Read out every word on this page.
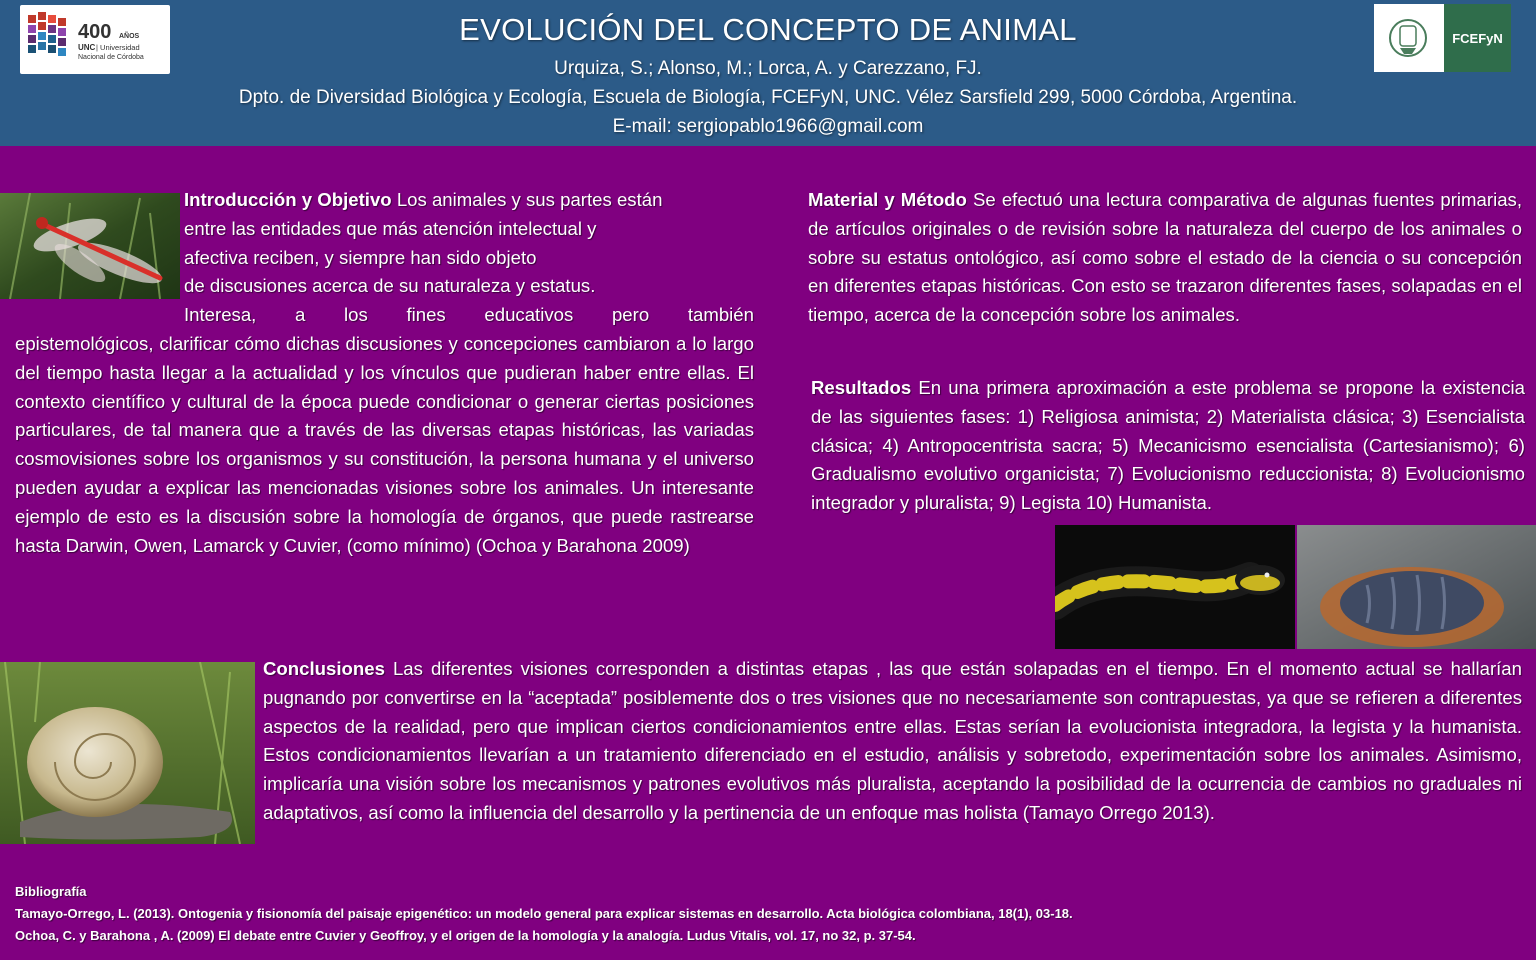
400 AÑOS
UNC | Universidad
Nacional de Córdoba
EVOLUCIÓN DEL CONCEPTO DE ANIMAL
Urquiza, S.; Alonso, M.; Lorca, A. y Carezzano, FJ.
Dpto. de Diversidad Biológica y Ecología, Escuela de Biología, FCEFyN, UNC. Vélez Sarsfield 299, 5000 Córdoba, Argentina.
E-mail: sergiopablo1966@gmail.com
FCEFyN
Introducción y Objetivo Los animales y sus partes están
entre las entidades que más atención intelectual y
afectiva reciben, y siempre han sido objeto
de discusiones acerca de su naturaleza y estatus.
Interesa, a los fines educativos pero también
epistemológicos, clarificar cómo dichas discusiones y concepciones cambiaron a lo largo del tiempo hasta llegar a la actualidad y los vínculos que pudieran haber entre ellas. El contexto científico y cultural de la época puede condicionar o generar ciertas posiciones particulares, de tal manera que a través de las diversas etapas históricas, las variadas cosmovisiones sobre los organismos y su constitución, la persona humana y el universo pueden ayudar a explicar las mencionadas visiones sobre los animales. Un interesante ejemplo de esto es la discusión sobre la homología de órganos, que puede rastrearse hasta Darwin, Owen, Lamarck y Cuvier, (como mínimo) (Ochoa y Barahona 2009)
Material y Método Se efectuó una lectura comparativa de algunas fuentes primarias, de artículos originales o de revisión sobre la naturaleza del cuerpo de los animales o sobre su estatus ontológico, así como sobre el estado de la ciencia o su concepción en diferentes etapas históricas. Con esto se trazaron diferentes fases, solapadas en el tiempo, acerca de la concepción sobre los animales.
Resultados En una primera aproximación a este problema se propone la existencia de las siguientes fases: 1) Religiosa animista; 2) Materialista clásica; 3) Esencialista clásica; 4) Antropocentrista sacra; 5) Mecanicismo esencialista (Cartesianismo); 6) Gradualismo evolutivo organicista; 7) Evolucionismo reduccionista; 8) Evolucionismo integrador y pluralista; 9) Legista 10) Humanista.
Conclusiones Las diferentes visiones corresponden a distintas etapas , las que están solapadas en el tiempo. En el momento actual se hallarían pugnando por convertirse en la “aceptada” posiblemente dos o tres visiones que no necesariamente son contrapuestas, ya que se refieren a diferentes aspectos de la realidad, pero que implican ciertos condicionamientos entre ellas. Estas serían la evolucionista integradora, la legista y la humanista. Estos condicionamientos llevarían a un tratamiento diferenciado en el estudio, análisis y sobretodo, experimentación sobre los animales. Asimismo, implicaría una visión sobre los mecanismos y patrones evolutivos más pluralista, aceptando la posibilidad de la ocurrencia de cambios no graduales ni adaptativos, así como la influencia del desarrollo y la pertinencia de un enfoque mas holista (Tamayo Orrego 2013).
Bibliografía
Tamayo-Orrego, L. (2013). Ontogenia y fisionomía del paisaje epigenético: un modelo general para explicar sistemas en desarrollo. Acta biológica colombiana, 18(1), 03-18.
Ochoa, C. y Barahona , A. (2009) El debate entre Cuvier y Geoffroy, y el origen de la homología y la analogía. Ludus Vitalis, vol. 17, no 32, p. 37-54.
